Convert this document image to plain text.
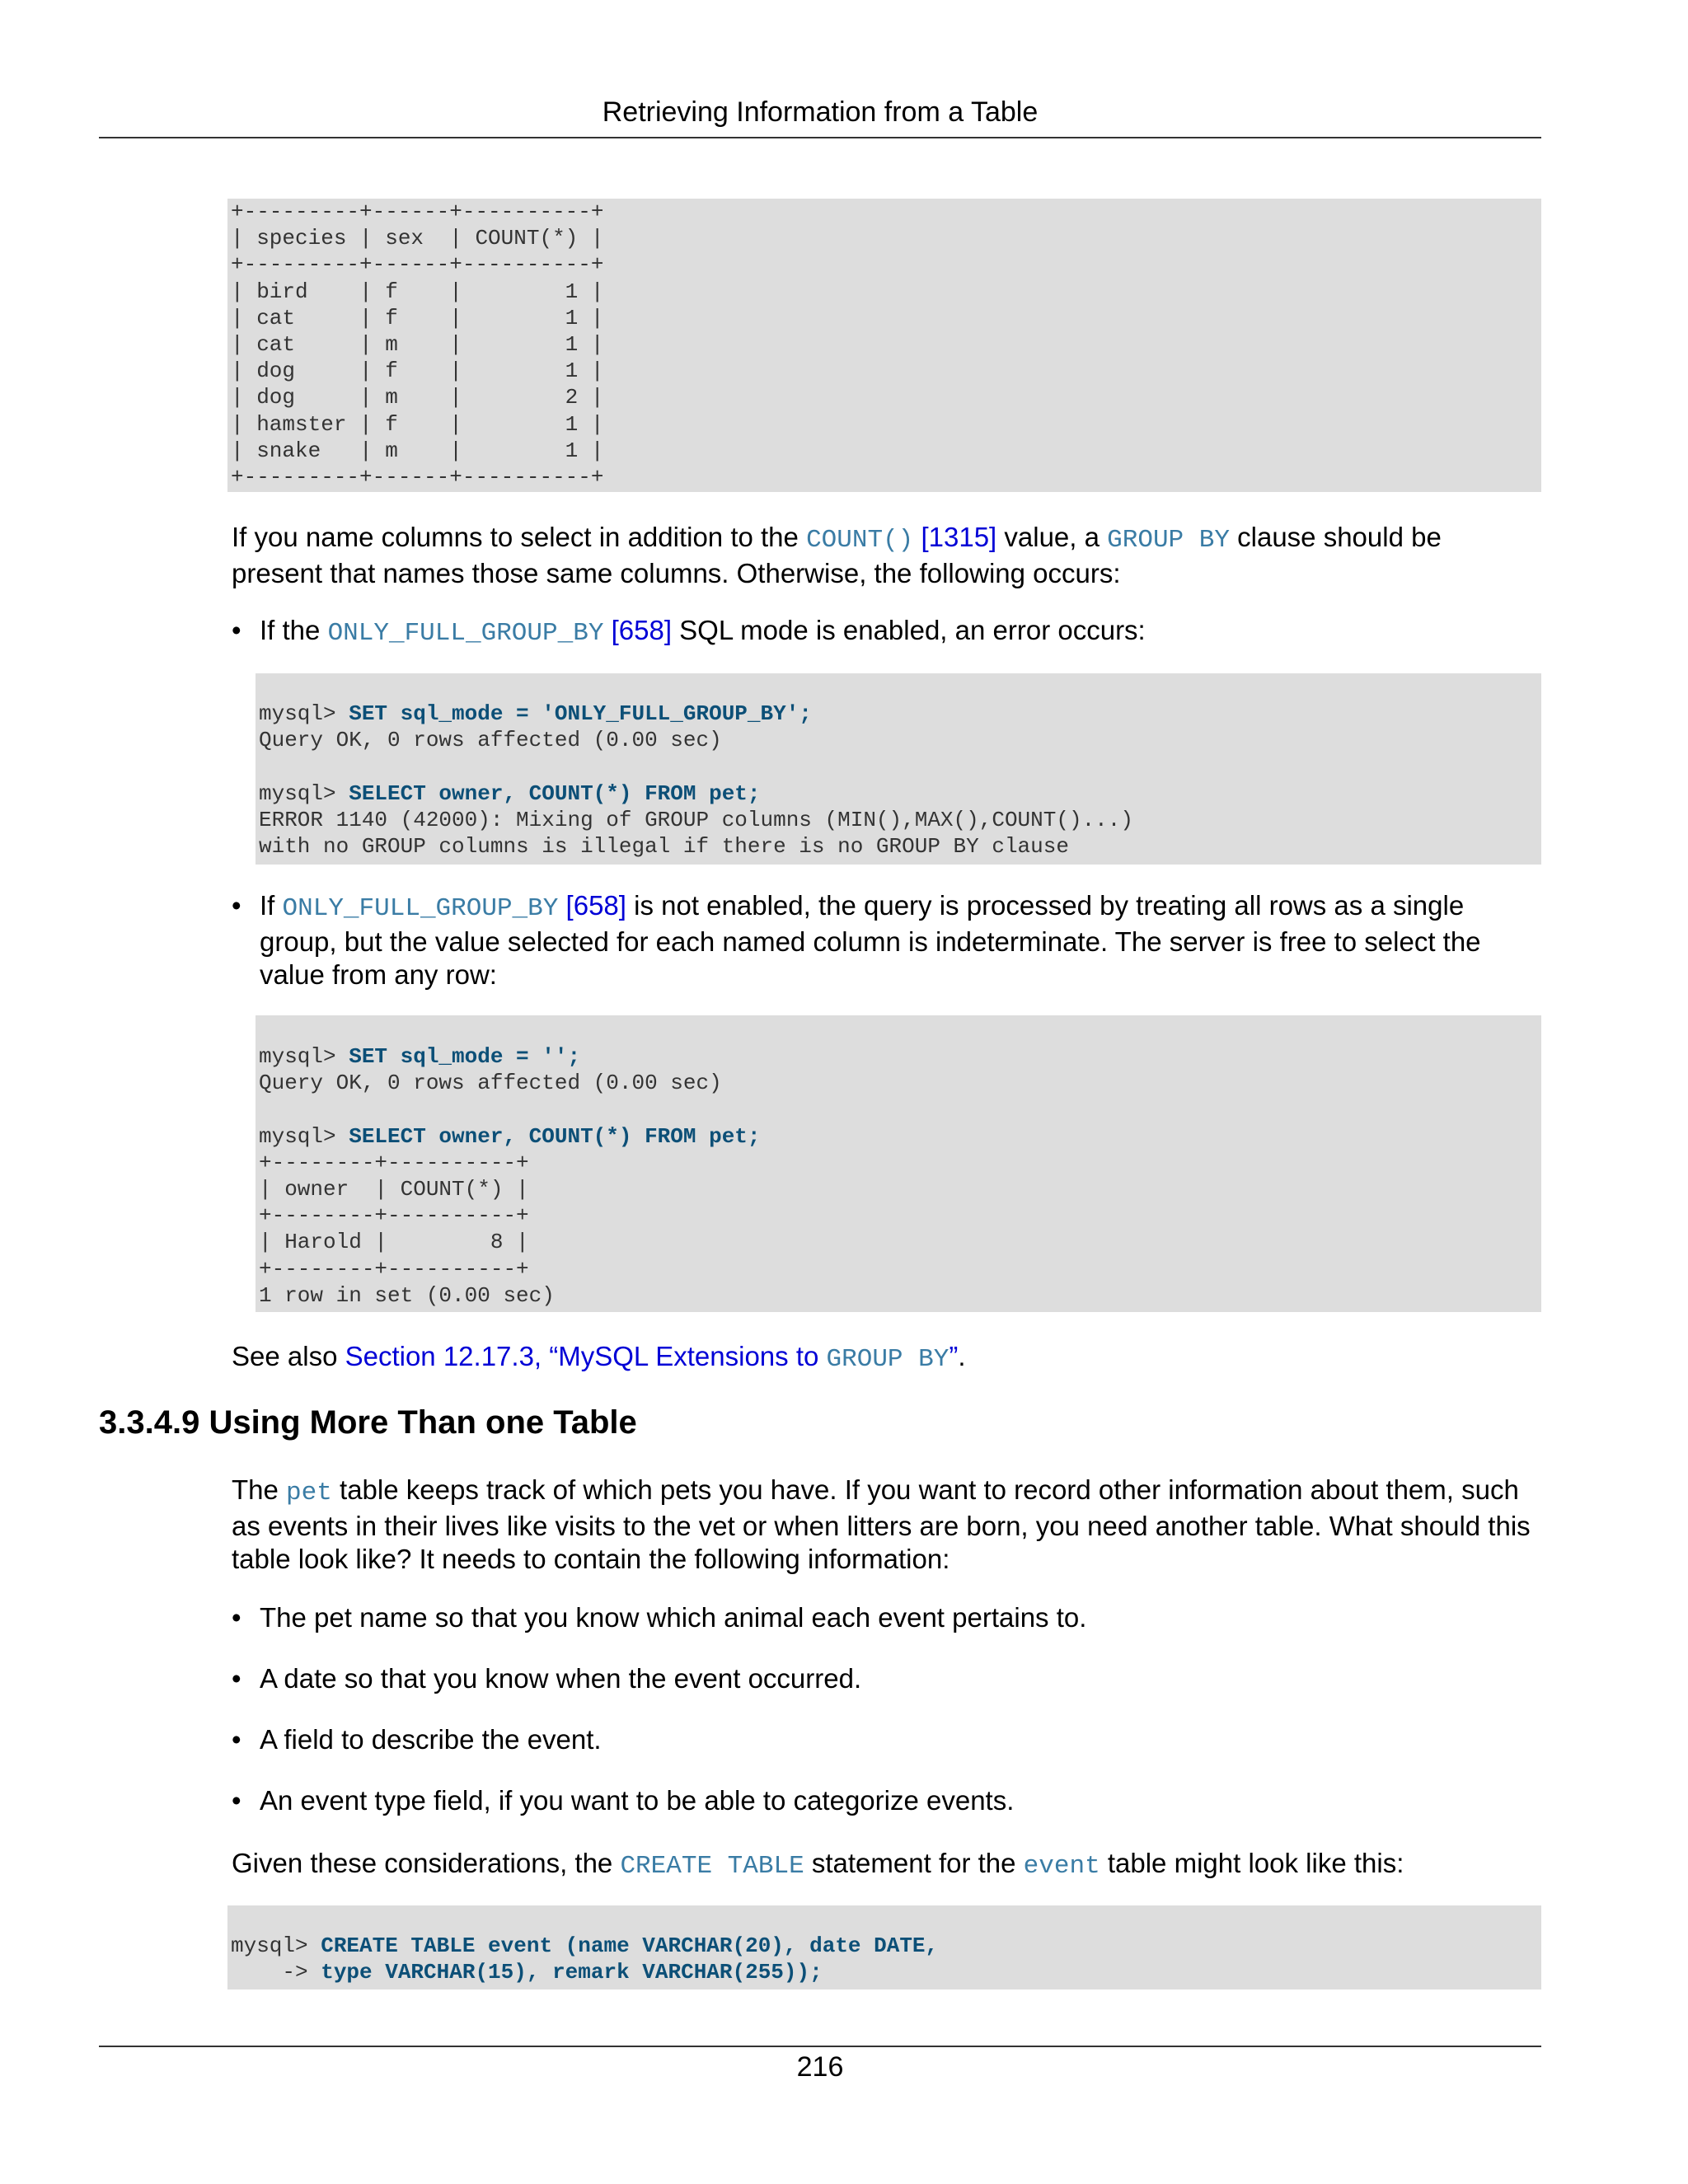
Retrieving Information from a Table
+---------+------+----------+
| species | sex  | COUNT(*) |
+---------+------+----------+
| bird    | f    |        1 |
| cat     | f    |        1 |
| cat     | m    |        1 |
| dog     | f    |        1 |
| dog     | m    |        2 |
| hamster | f    |        1 |
| snake   | m    |        1 |
+---------+------+----------+

If you name columns to select in addition to the COUNT() [1315] value, a GROUP BY clause should be present that names those same columns. Otherwise, the following occurs:

• If the ONLY_FULL_GROUP_BY [658] SQL mode is enabled, an error occurs:
mysql> SET sql_mode = 'ONLY_FULL_GROUP_BY';
Query OK, 0 rows affected (0.00 sec)

mysql> SELECT owner, COUNT(*) FROM pet;
ERROR 1140 (42000): Mixing of GROUP columns (MIN(),MAX(),COUNT()...)
with no GROUP columns is illegal if there is no GROUP BY clause
• If ONLY_FULL_GROUP_BY [658] is not enabled, the query is processed by treating all rows as a single group, but the value selected for each named column is indeterminate. The server is free to select the value from any row:
mysql> SET sql_mode = '';
Query OK, 0 rows affected (0.00 sec)

mysql> SELECT owner, COUNT(*) FROM pet;
+--------+----------+
| owner  | COUNT(*) |
+--------+----------+
| Harold |        8 |
+--------+----------+
1 row in set (0.00 sec)

See also Section 12.17.3, “MySQL Extensions to GROUP BY”.

3.3.4.9 Using More Than one Table

The pet table keeps track of which pets you have. If you want to record other information about them, such as events in their lives like visits to the vet or when litters are born, you need another table. What should this table look like? It needs to contain the following information:

• The pet name so that you know which animal each event pertains to.
• A date so that you know when the event occurred.
• A field to describe the event.
• An event type field, if you want to be able to categorize events.

Given these considerations, the CREATE TABLE statement for the event table might look like this:

mysql> CREATE TABLE event (name VARCHAR(20), date DATE,
-> type VARCHAR(15), remark VARCHAR(255));
216
